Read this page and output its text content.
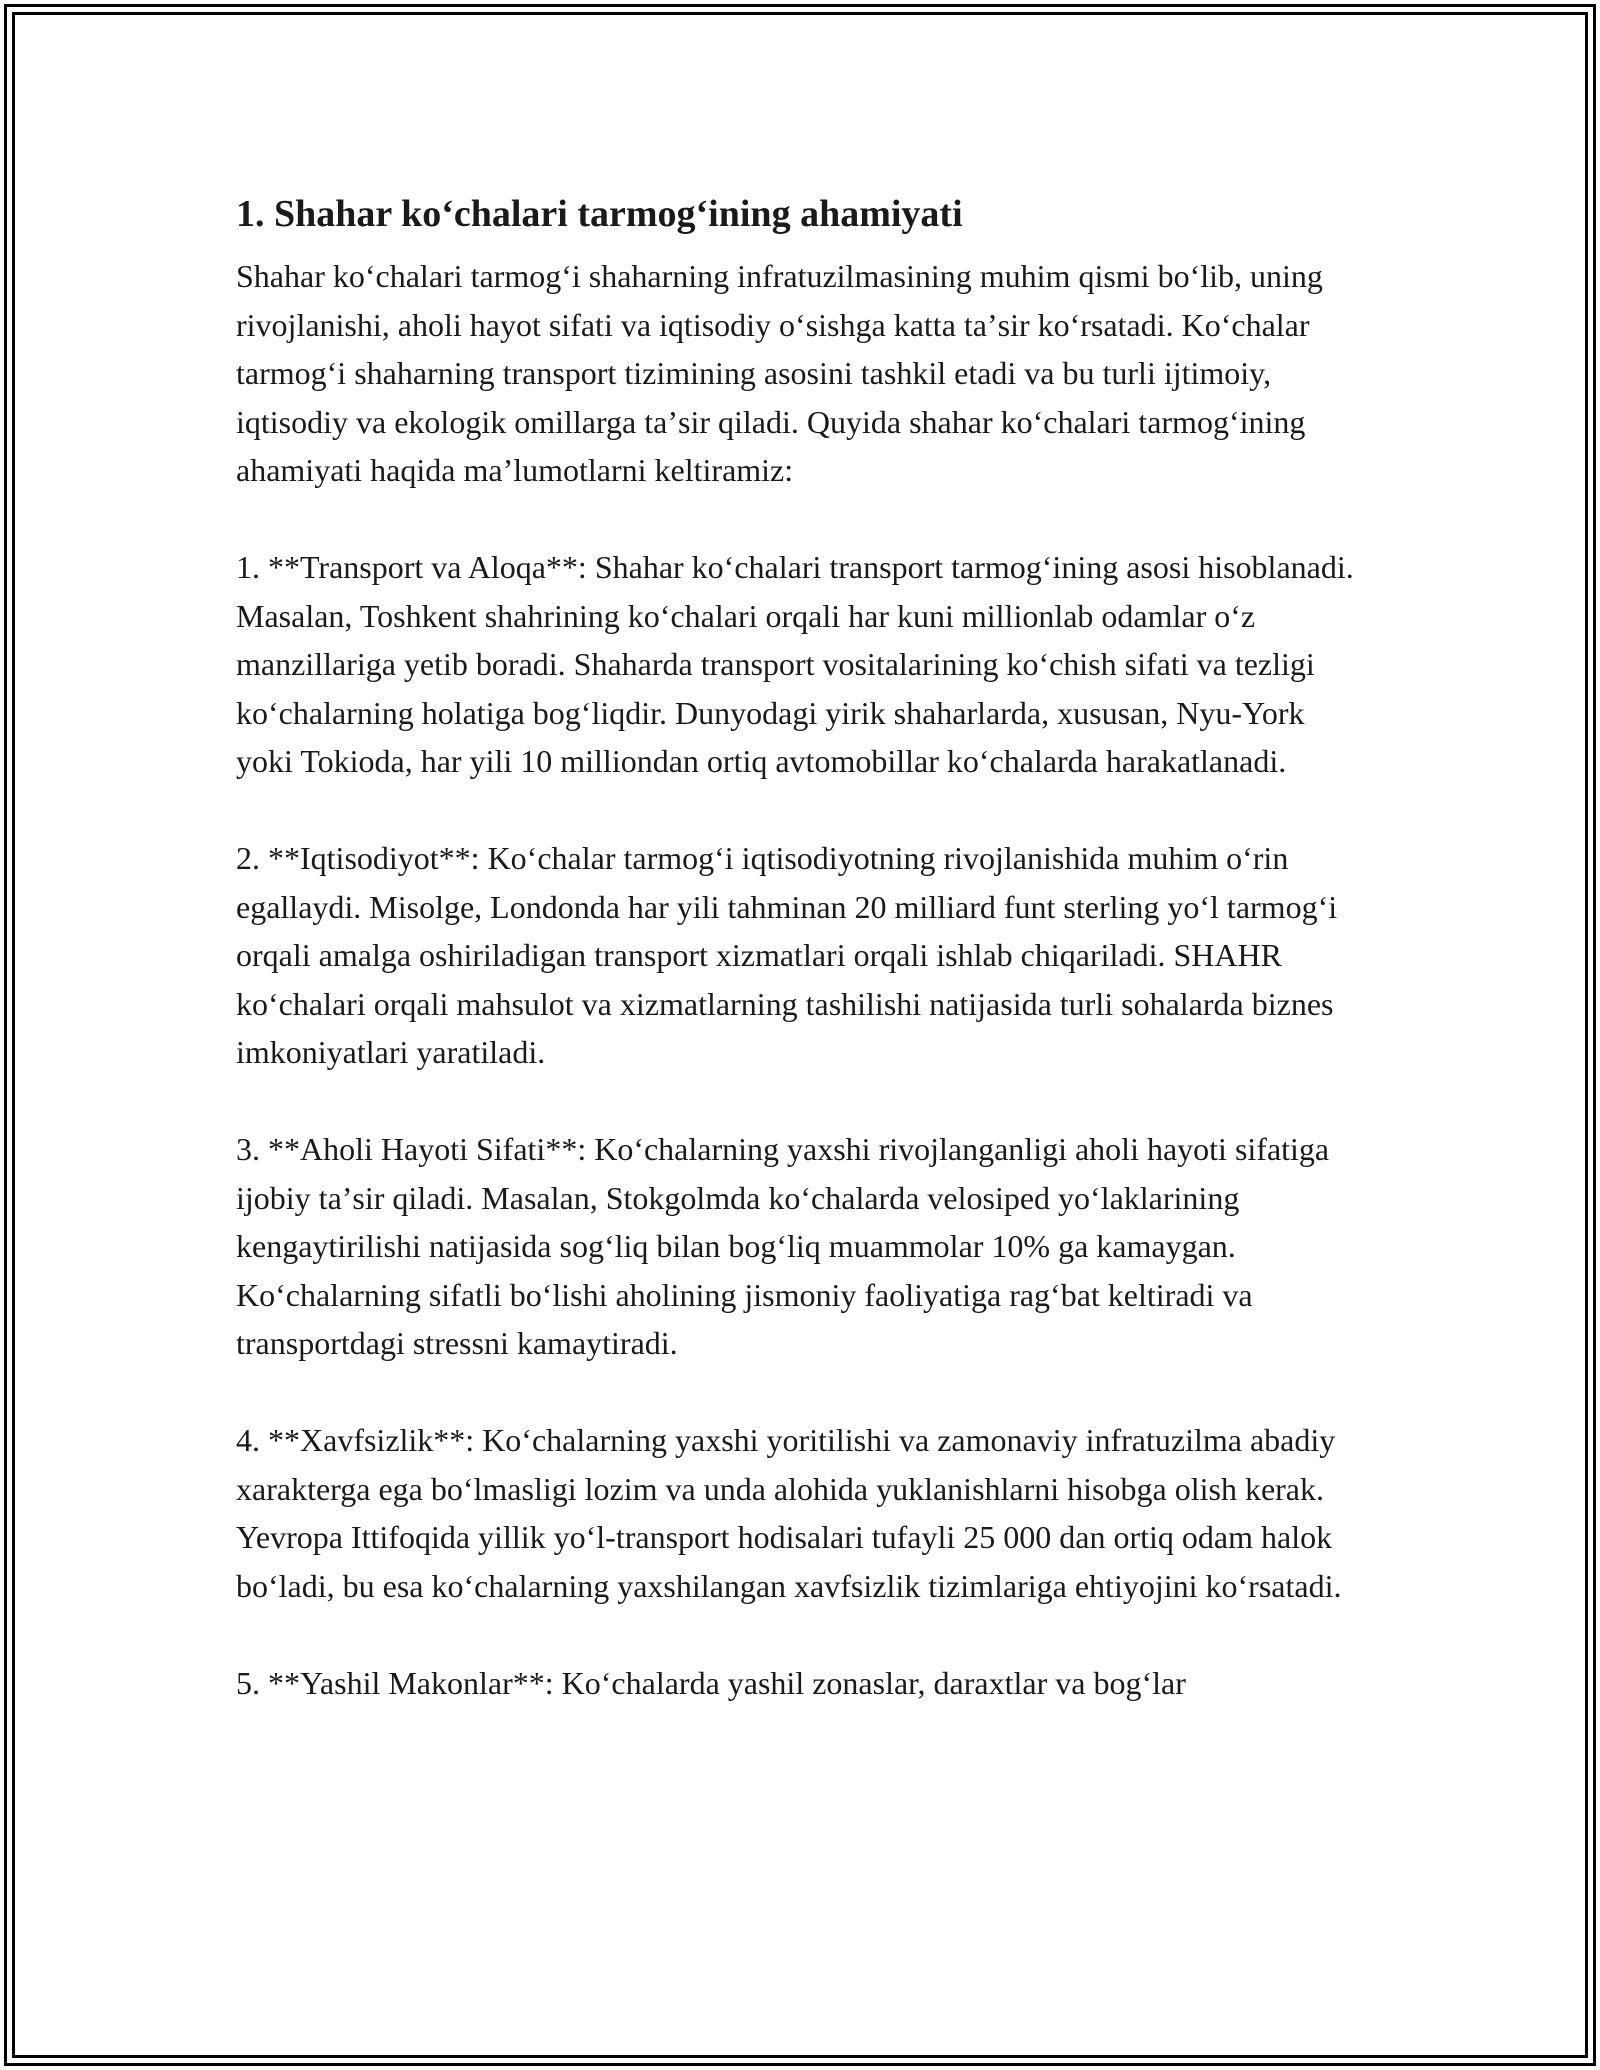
1. Shahar koʻchalari tarmogʻining ahamiyati

Shahar koʻchalari tarmogʻi shaharning infratuzilmasining muhim qismi boʻlib, uning rivojlanishi, aholi hayot sifati va iqtisodiy oʻsishga katta taʼsir koʻrsatadi. Koʻchalar tarmogʻi shaharning transport tizimining asosini tashkil etadi va bu turli ijtimoiy, iqtisodiy va ekologik omillarga taʼsir qiladi. Quyida shahar koʻchalari tarmogʻining ahamiyati haqida maʼlumotlarni keltiramiz:

1. **Transport va Aloqa**: Shahar koʻchalari transport tarmogʻining asosi hisoblanadi. Masalan, Toshkent shahrining koʻchalari orqali har kuni millionlab odamlar oʻz manzillariga yetib boradi. Shaharda transport vositalarining koʻchish sifati va tezligi koʻchalarning holatiga bogʻliqdir. Dunyodagi yirik shaharlarda, xususan, Nyu-York yoki Tokioda, har yili 10 milliondan ortiq avtomobillar koʻchalarda harakatlanadi.

2. **Iqtisodiyot**: Koʻchalar tarmogʻi iqtisodiyotning rivojlanishida muhim oʻrin egallaydi. Misolge, Londonda har yili tahminan 20 milliard funt sterling yoʻl tarmogʻi orqali amalga oshiriladigan transport xizmatlari orqali ishlab chiqariladi. SHAHR koʻchalari orqali mahsulot va xizmatlarning tashilishi natijasida turli sohalarda biznes imkoniyatlari yaratiladi.

3. **Aholi Hayoti Sifati**: Koʻchalarning yaxshi rivojlanganligi aholi hayoti sifatiga ijobiy taʼsir qiladi. Masalan, Stokgolmda koʻchalarda velosiped yoʻlaklarining kengaytirilishi natijasida sogʻliq bilan bogʻliq muammolar 10% ga kamaygan. Koʻchalarning sifatli boʻlishi aholining jismoniy faoliyatiga ragʻbat keltiradi va transportdagi stressni kamaytiradi.

4. **Xavfsizlik**: Koʻchalarning yaxshi yoritilishi va zamonaviy infratuzilma abadiy xarakterga ega boʻlmasligi lozim va unda alohida yuklanishlarni hisobga olish kerak. Yevropa Ittifoqida yillik yoʻl-transport hodisalari tufayli 25 000 dan ortiq odam halok boʻladi, bu esa koʻchalarning yaxshilangan xavfsizlik tizimlariga ehtiyojini koʻrsatadi.

5. **Yashil Makonlar**: Koʻchalarda yashil zonaslar, daraxtlar va bogʻlar
